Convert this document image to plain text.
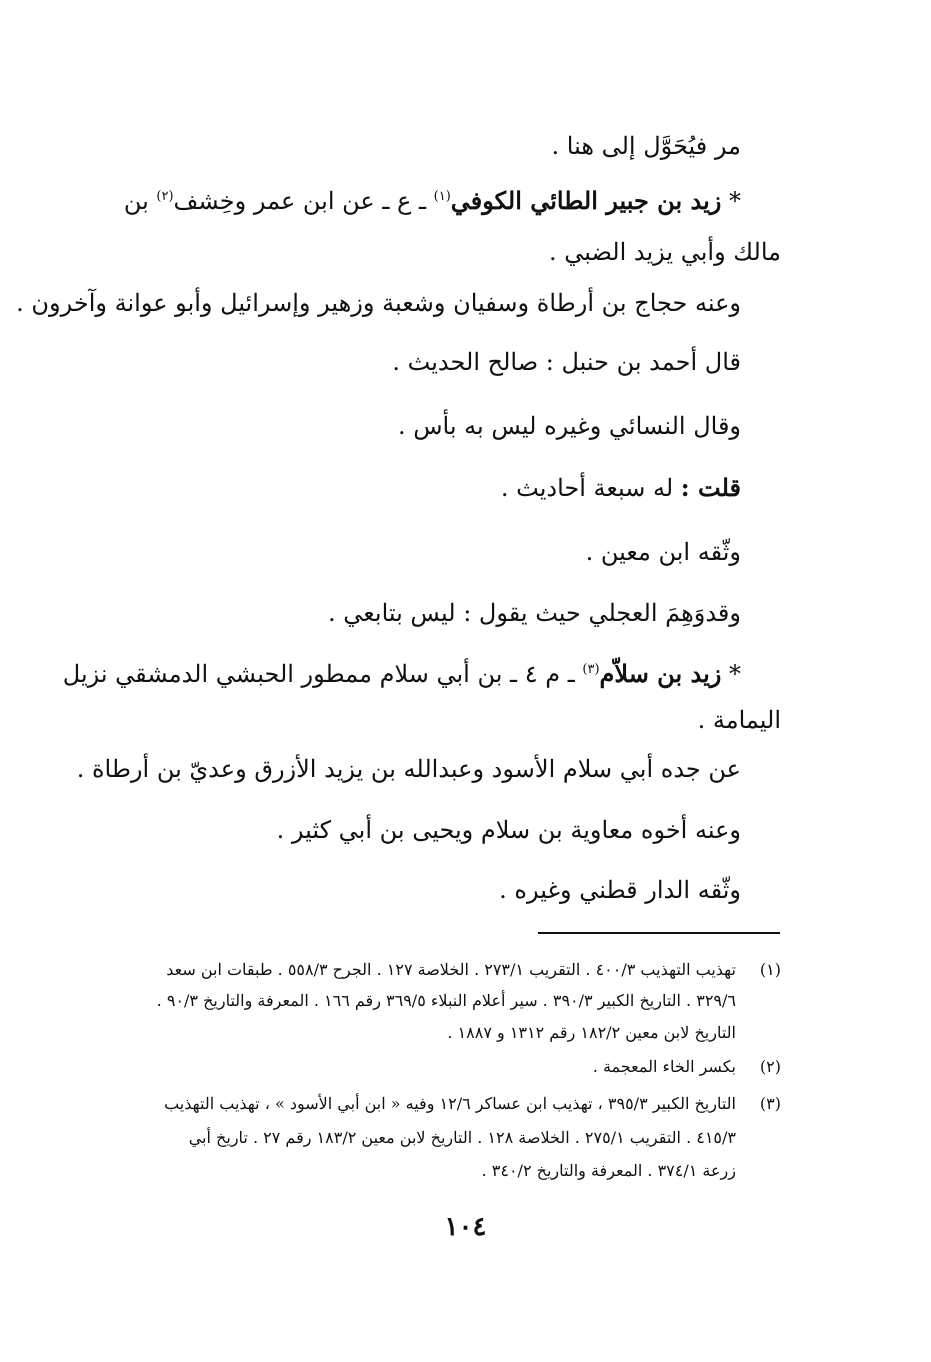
مر فيُحَوَّل إلى هنا .
* زيد بن جبير الطائي الكوفي$^{(١)}$ ـ ع ـ عن ابن عمر وخِشف$^{(٢)}$ بن
مالك وأبي يزيد الضبي .
وعنه حجاج بن أرطاة وسفيان وشعبة وزهير وإسرائيل وأبو عوانة وآخرون .
قال أحمد بن حنبل : صالح الحديث .
وقال النسائي وغيره ليس به بأس .
قلت : له سبعة أحاديث .
وثّقه ابن معين .
وقدوَهِمَ العجلي حيث يقول : ليس بتابعي .
* زيد بن سلاّم$^{(٣)}$ ـ م ٤ ـ بن أبي سلام ممطور الحبشي الدمشقي نزيل
اليمامة .
عن جده أبي سلام الأسود وعبدالله بن يزيد الأزرق وعديّ بن أرطاة .
وعنه أخوه معاوية بن سلام ويحيى بن أبي كثير .
وثّقه الدار قطني وغيره .
(١)
تهذيب التهذيب ٤٠٠/٣ . التقريب ٢٧٣/١ . الخلاصة ١٢٧ . الجرح ٥٥٨/٣ . طبقات ابن سعد
٣٢٩/٦ . التاريخ الكبير ٣٩٠/٣ . سير أعلام النبلاء ٣٦٩/٥ رقم ١٦٦ . المعرفة والتاريخ ٩٠/٣ .
التاريخ لابن معين ١٨٢/٢ رقم ١٣١٢ و ١٨٨٧ .
(٢)
بكسر الخاء المعجمة .
(٣)
التاريخ الكبير ٣٩٥/٣ ، تهذيب ابن عساكر ١٢/٦ وفيه « ابن أبي الأسود » ، تهذيب التهذيب
٤١٥/٣ . التقريب ٢٧٥/١ . الخلاصة ١٢٨ . التاريخ لابن معين ١٨٣/٢ رقم ٢٧ . تاريخ أبي
زرعة ٣٧٤/١ . المعرفة والتاريخ ٣٤٠/٢ .
١٠٤
